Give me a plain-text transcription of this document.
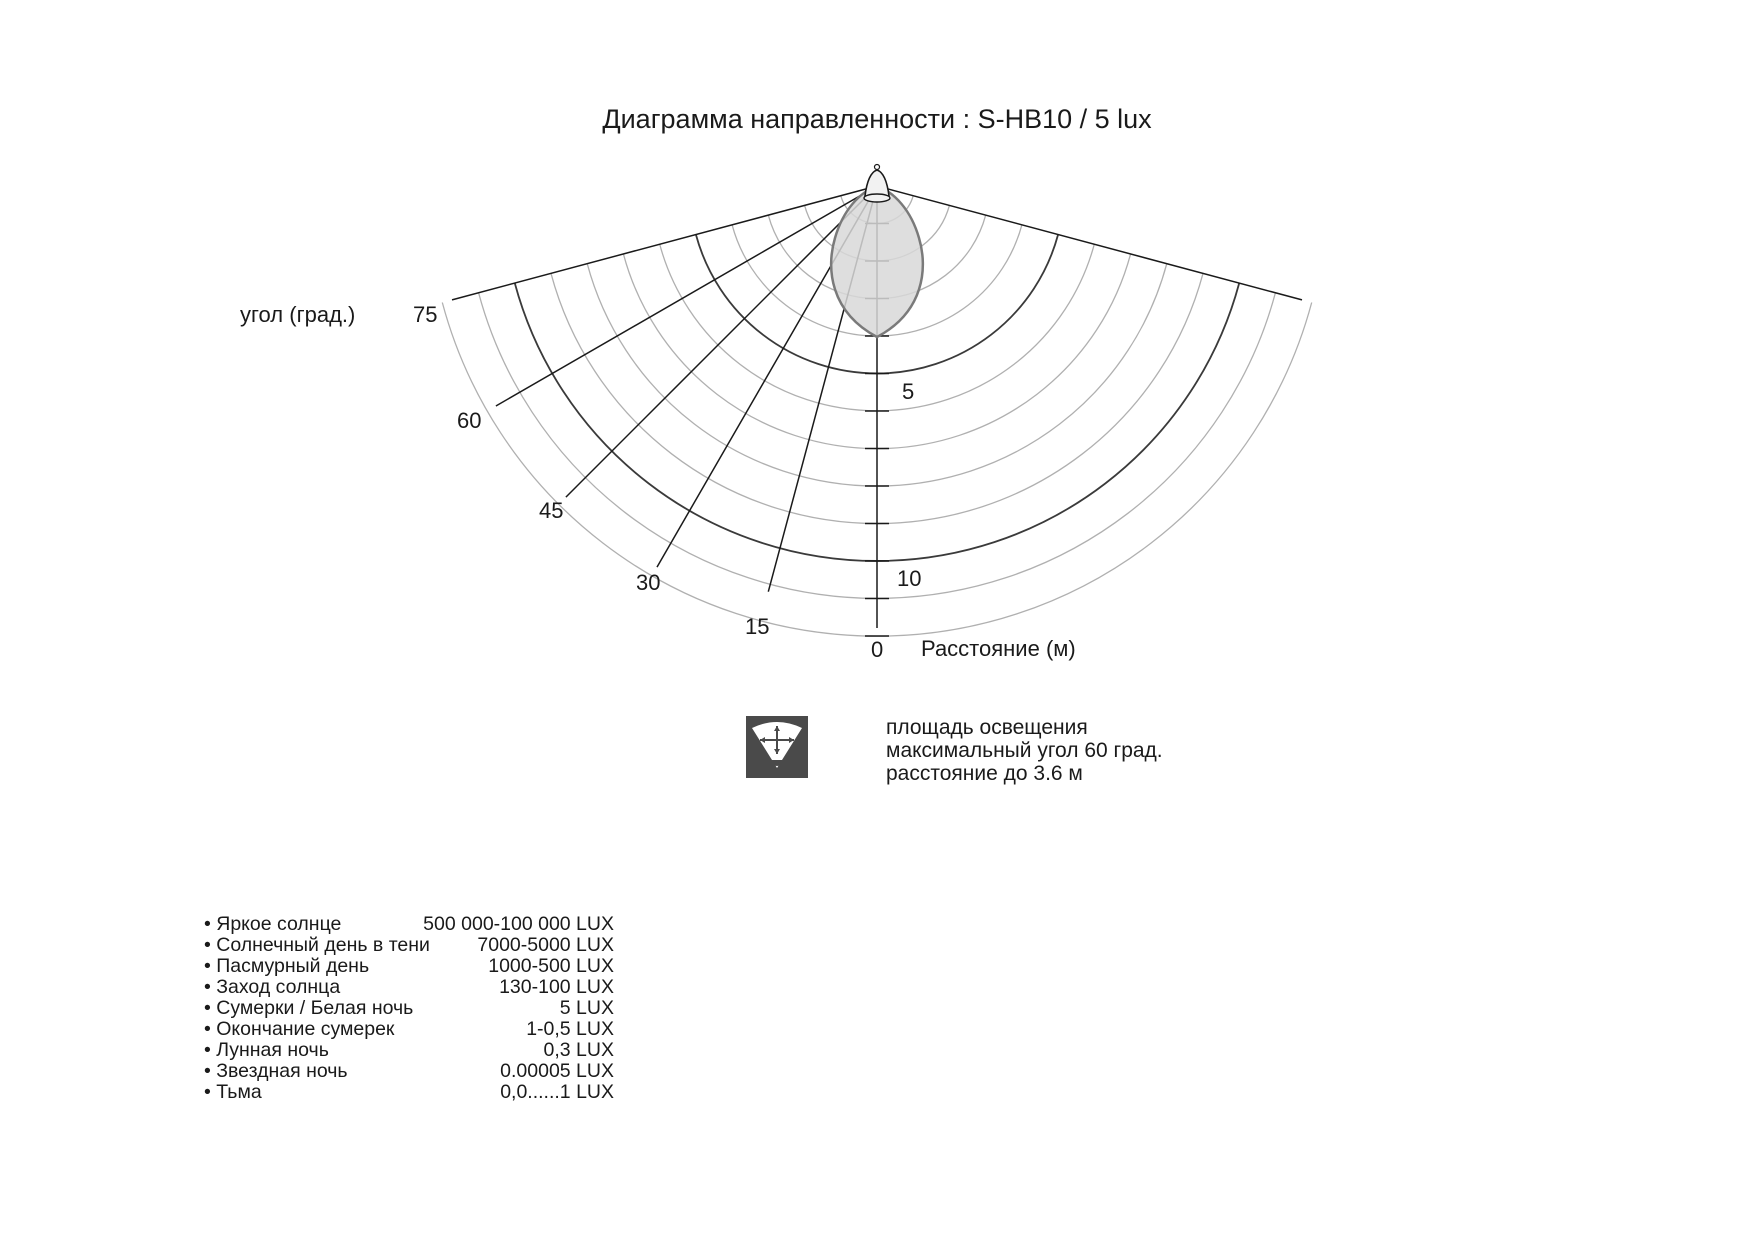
Диаграмма направленности : S-HB10 / 5 lux
угол (град.)
Расстояние (м)
75
60
45
30
15
0
5
10
площадь освещения
максимальный угол 60 град.
расстояние до 3.6 м
• Яркое солнце	500 000-100 000 LUX
• Солнечный день в тени 7000-5000 LUX
• Пасмурный день	1000-500 LUX
• Заход солнца	130-100 LUX
• Сумерки / Белая ночь	5 LUX
• Окончание сумерек	1-0,5 LUX
• Лунная ночь	0,3 LUX
• Звездная ночь	0.00005 LUX
• Тьма	0,0......1 LUX
